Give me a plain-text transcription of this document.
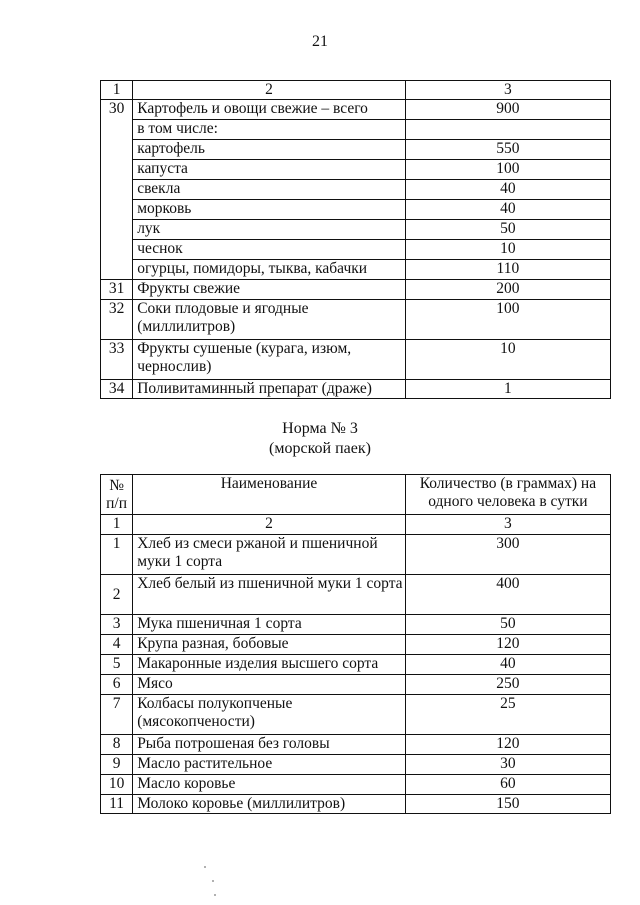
21
1	2	3
30	Картофель и овощи свежие – всего	900
	в том числе:	
	картофель	550
	капуста	100
	свекла	40
	морковь	40
	лук	50
	чеснок	10
	огурцы, помидоры, тыква, кабачки	110
31	Фрукты свежие	200
32	Соки плодовые и ягодные (миллилитров)	100
33	Фрукты сушеные (курага, изюм, чернослив)	10
34	Поливитаминный препарат (драже)	1
Норма № 3
(морской паек)
№ п/п	Наименование	Количество (в граммах) на одного человека в сутки
1	2	3
1	Хлеб из смеси ржаной и пшеничной муки 1 сорта	300
2	Хлеб белый из пшеничной муки 1 сорта	400
3	Мука пшеничная 1 сорта	50
4	Крупа разная, бобовые	120
5	Макаронные изделия высшего сорта	40
6	Мясо	250
7	Колбасы полукопченые (мясокопчености)	25
8	Рыба потрошеная без головы	120
9	Масло растительное	30
10	Масло коровье	60
11	Молоко коровье (миллилитров)	150
